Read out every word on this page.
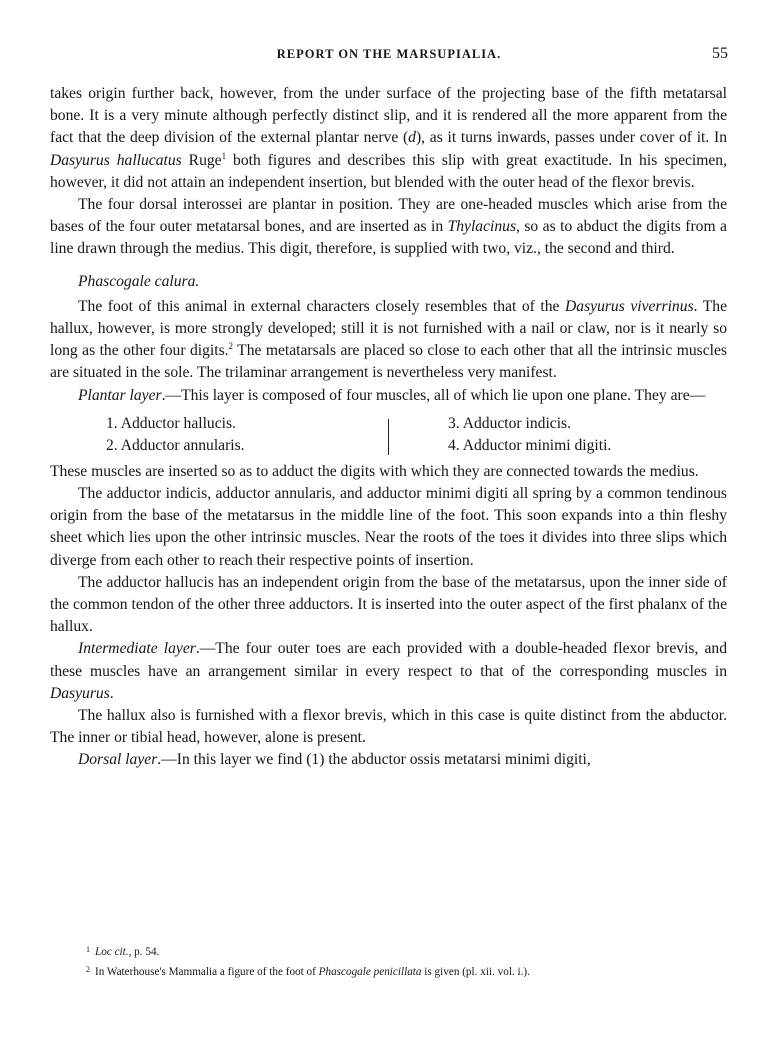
REPORT ON THE MARSUPIALIA.	55

takes origin further back, however, from the under surface of the projecting base of the fifth metatarsal bone. It is a very minute although perfectly distinct slip, and it is rendered all the more apparent from the fact that the deep division of the external plantar nerve (d), as it turns inwards, passes under cover of it. In Dasyurus hallucatus Ruge$^1$ both figures and describes this slip with great exactitude. In his specimen, however, it did not attain an independent insertion, but blended with the outer head of the flexor brevis.

The four dorsal interossei are plantar in position. They are one-headed muscles which arise from the bases of the four outer metatarsal bones, and are inserted as in Thylacinus, so as to abduct the digits from a line drawn through the medius. This digit, therefore, is supplied with two, viz., the second and third.

Phascogale calura.

The foot of this animal in external characters closely resembles that of the Dasyurus viverrinus. The hallux, however, is more strongly developed; still it is not furnished with a nail or claw, nor is it nearly so long as the other four digits.$^2$ The metatarsals are placed so close to each other that all the intrinsic muscles are situated in the sole. The trilaminar arrangement is nevertheless very manifest.

Plantar layer.—This layer is composed of four muscles, all of which lie upon one plane. They are—

1. Adductor hallucis.
2. Adductor annularis.
3. Adductor indicis.
4. Adductor minimi digiti.

These muscles are inserted so as to adduct the digits with which they are connected towards the medius.

The adductor indicis, adductor annularis, and adductor minimi digiti all spring by a common tendinous origin from the base of the metatarsus in the middle line of the foot. This soon expands into a thin fleshy sheet which lies upon the other intrinsic muscles. Near the roots of the toes it divides into three slips which diverge from each other to reach their respective points of insertion.

The adductor hallucis has an independent origin from the base of the metatarsus, upon the inner side of the common tendon of the other three adductors. It is inserted into the outer aspect of the first phalanx of the hallux.

Intermediate layer.—The four outer toes are each provided with a double-headed flexor brevis, and these muscles have an arrangement similar in every respect to that of the corresponding muscles in Dasyurus.

The hallux also is furnished with a flexor brevis, which in this case is quite distinct from the abductor. The inner or tibial head, however, alone is present.

Dorsal layer.—In this layer we find (1) the abductor ossis metatarsi minimi digiti,

$^1$ Loc cit., p. 54.
$^2$ In Waterhouse's Mammalia a figure of the foot of Phascogale penicillata is given (pl. xii. vol. i.).
